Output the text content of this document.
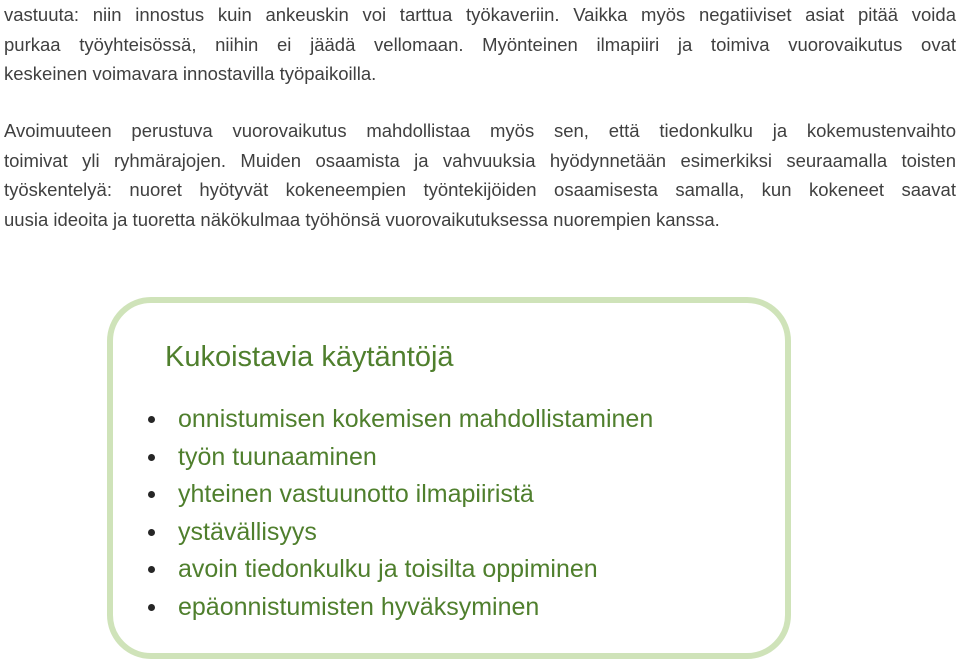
vastuuta: niin innostus kuin ankeuskin voi tarttua työkaveriin. Vaikka myös negatiiviset asiat pitää voida
purkaa työyhteisössä, niihin ei jäädä vellomaan. Myönteinen ilmapiiri ja toimiva vuorovaikutus ovat
keskeinen voimavara innostavilla työpaikoilla.

Avoimuuteen perustuva vuorovaikutus mahdollistaa myös sen, että tiedonkulku ja kokemustenvaihto
toimivat yli ryhmärajojen. Muiden osaamista ja vahvuuksia hyödynnetään esimerkiksi seuraamalla toisten
työskentelyä: nuoret hyötyvät kokeneempien työntekijöiden osaamisesta samalla, kun kokeneet saavat
uusia ideoita ja tuoretta näkökulmaa työhönsä vuorovaikutuksessa nuorempien kanssa.

Kukoistavia käytäntöjä
onnistumisen kokemisen mahdollistaminen
työn tuunaaminen
yhteinen vastuunotto ilmapiiristä
ystävällisyys
avoin tiedonkulku ja toisilta oppiminen
epäonnistumisten hyväksyminen
